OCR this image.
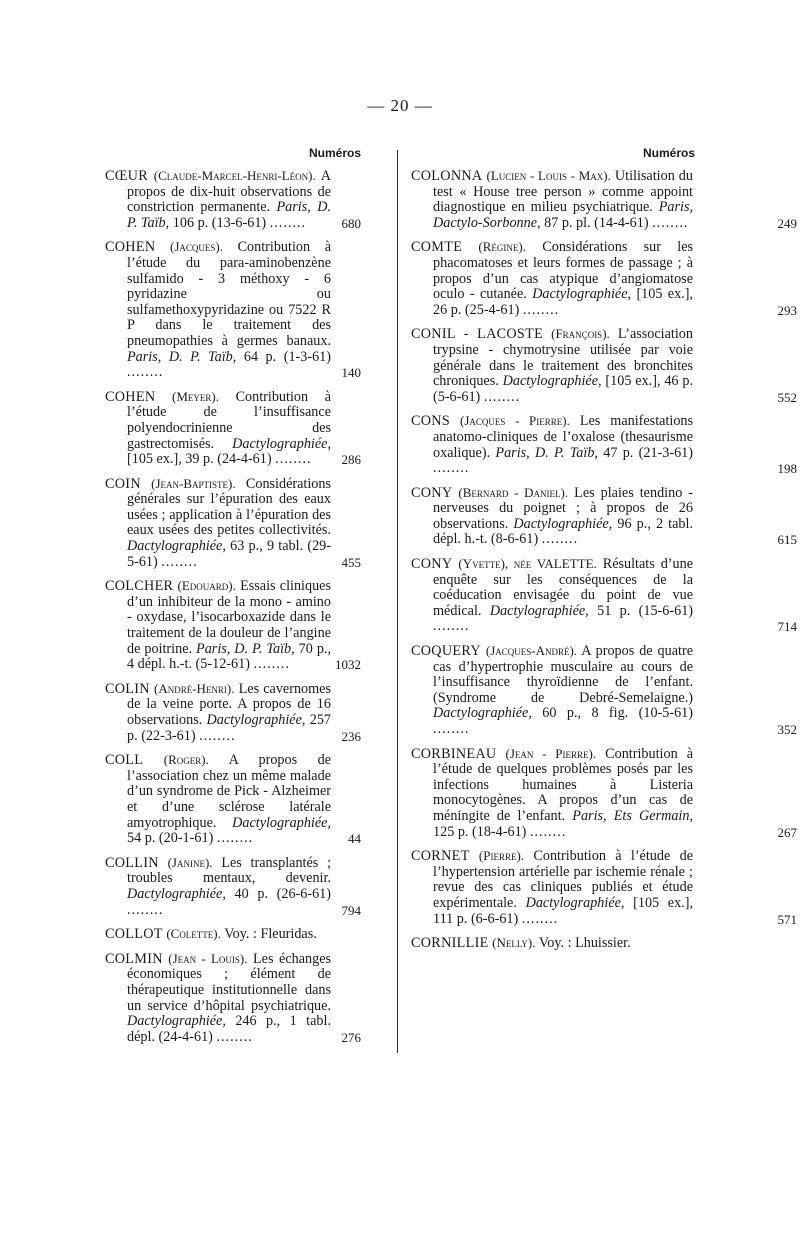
— 20 —
Numéros

CŒUR (Claude-Marcel-Henri-Léon). A propos de dix-huit observations de constriction permanente. Paris, D. P. Taïb, 106 p. (13-6-61) ........	680

COHEN (Jacques). Contribution à l’étude du para-aminobenzène sulfamido - 3 méthoxy - 6 pyridazine ou sulfamethoxypyridazine ou 7522 R P dans le traitement des pneumopathies à germes banaux. Paris, D. P. Taïb, 64 p. (1-3-61) ........	140

COHEN (Meyer). Contribution à l’étude de l’insuffisance polyendocrinienne des gastrectomisés. Dactylographiée, [105 ex.], 39 p. (24-4-61) ........	286

COIN (Jean-Baptiste). Considérations générales sur l’épuration des eaux usées ; application à l’épuration des eaux usées des petites collectivités. Dactylographiée, 63 p., 9 tabl. (29-5-61) ........	455

COLCHER (Edouard). Essais cliniques d’un inhibiteur de la mono - amino - oxydase, l’isocarboxazide dans le traitement de la douleur de l’angine de poitrine. Paris, D. P. Taïb, 70 p., 4 dépl. h.-t. (5-12-61) ........	1032

COLIN (André-Henri). Les cavernomes de la veine porte. A propos de 16 observations. Dactylographiée, 257 p. (22-3-61) ........	236

COLL (Roger). A propos de l’association chez un même malade d’un syndrome de Pick - Alzheimer et d’une sclérose latérale amyotrophique. Dactylographiée, 54 p. (20-1-61) ........	44

COLLIN (Janine). Les transplantés ; troubles mentaux, devenir. Dactylographiée, 40 p. (26-6-61) ........	794

COLLOT (Colette). Voy. : Fleuridas.

COLMIN (Jean - Louis). Les échanges économiques ; élément de thérapeutique institutionnelle dans un service d’hôpital psychiatrique. Dactylographiée, 246 p., 1 tabl. dépl. (24-4-61) ........	276
Numéros

COLONNA (Lucien - Louis - Max). Utilisation du test « House tree person » comme appoint diagnostique en milieu psychiatrique. Paris, Dactylo-Sorbonne, 87 p. pl. (14-4-61) ........	249

COMTE (Régine). Considérations sur les phacomatoses et leurs formes de passage ; à propos d’un cas atypique d’angiomatose oculo - cutanée. Dactylographiée, [105 ex.], 26 p. (25-4-61) ........	293

CONIL - LACOSTE (François). L’association trypsine - chymotrysine utilisée par voie générale dans le traitement des bronchites chroniques. Dactylographiée, [105 ex.], 46 p. (5-6-61) ........	552

CONS (Jacques - Pierre). Les manifestations anatomo-cliniques de l’oxalose (thesaurisme oxalique). Paris, D. P. Taïb, 47 p. (21-3-61) ........	198

CONY (Bernard - Daniel). Les plaies tendino - nerveuses du poignet ; à propos de 26 observations. Dactylographiée, 96 p., 2 tabl. dépl. h.-t. (8-6-61) ........	615

CONY (Yvette), née VALETTE. Résultats d’une enquête sur les conséquences de la coéducation envisagée du point de vue médical. Dactylographiée, 51 p. (15-6-61) ........	714

COQUERY (Jacques-André). A propos de quatre cas d’hypertrophie musculaire au cours de l’insuffisance thyroïdienne de l’enfant. (Syndrome de Debré-Semelaigne.) Dactylographiée, 60 p., 8 fig. (10-5-61) ........	352

CORBINEAU (Jean - Pierre). Contribution à l’étude de quelques problèmes posés par les infections humaines à Listeria monocytogènes. A propos d’un cas de méningite de l’enfant. Paris, Ets Germain, 125 p. (18-4-61) ........	267

CORNET (Pierre). Contribution à l’étude de l’hypertension artérielle par ischemie rénale ; revue des cas cliniques publiés et étude expérimentale. Dactylographiée, [105 ex.], 111 p. (6-6-61) ........	571

CORNILLIE (Nelly). Voy. : Lhuissier.
